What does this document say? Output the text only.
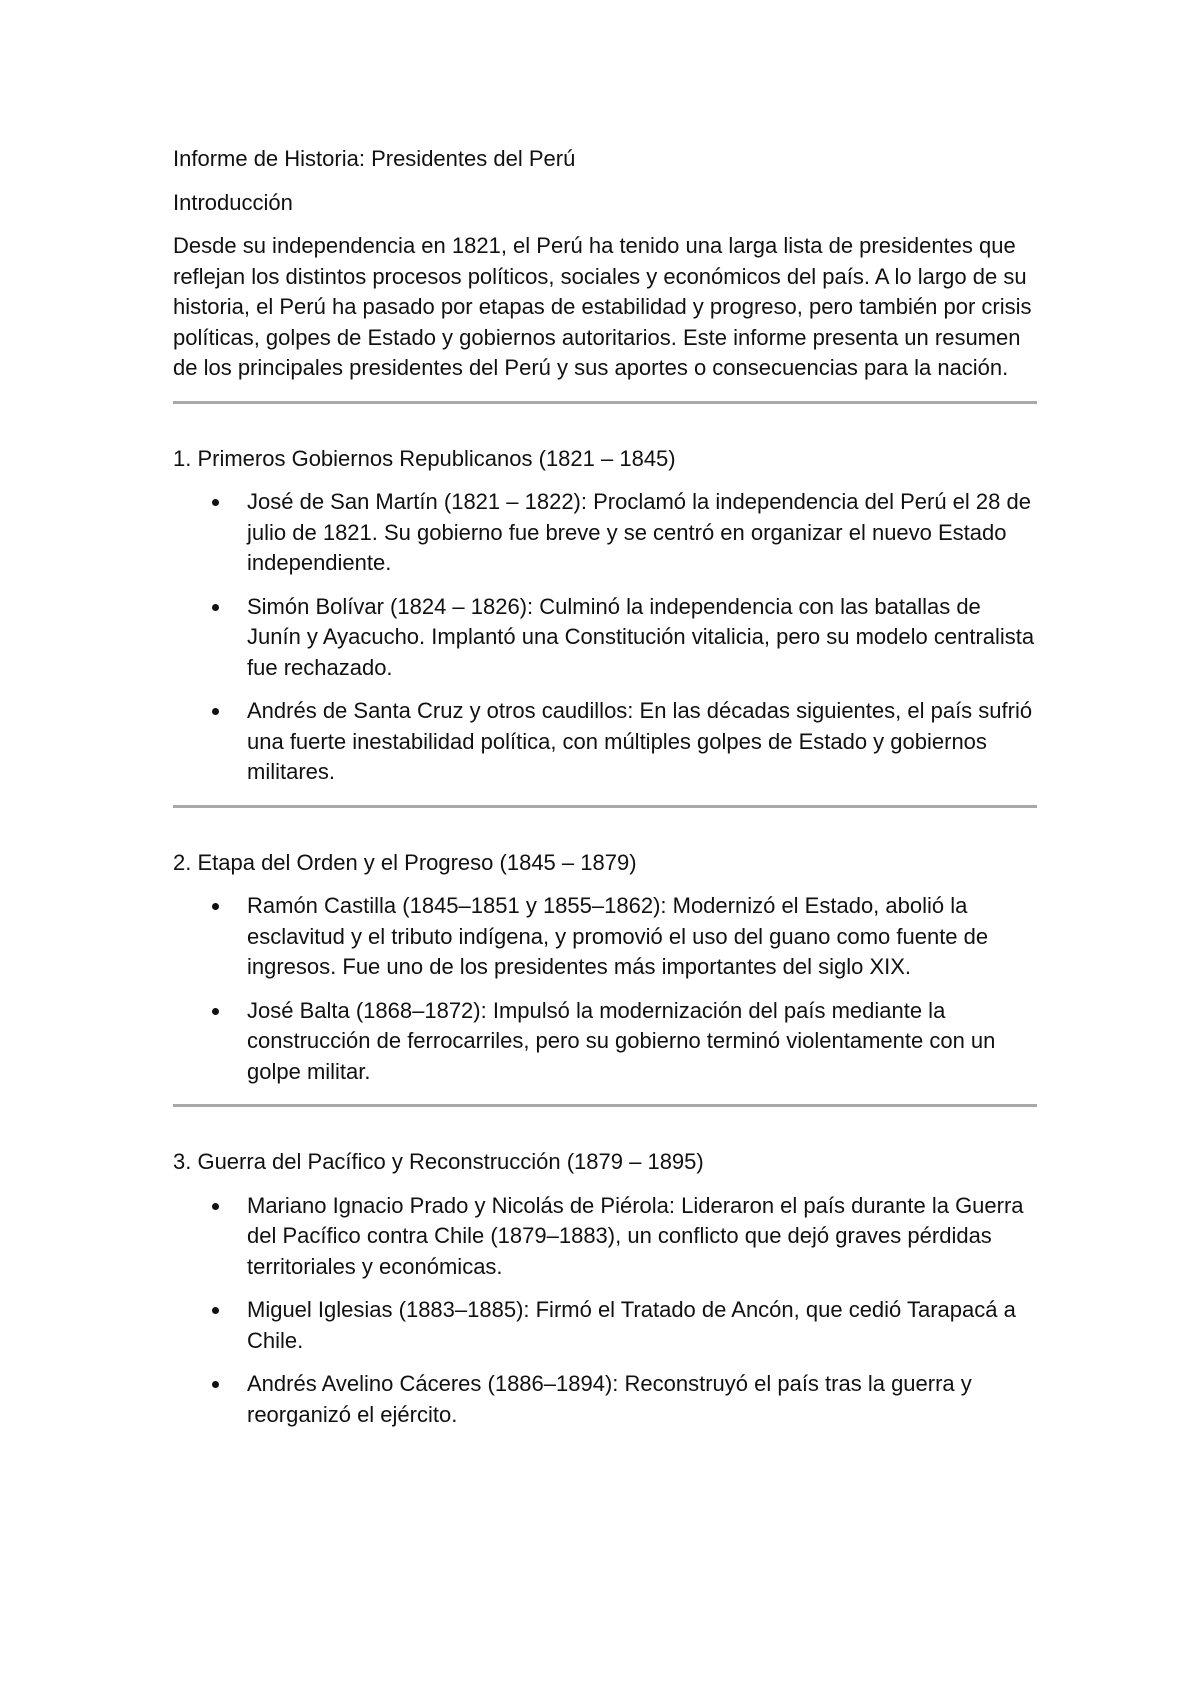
Informe de Historia: Presidentes del Perú

Introducción

Desde su independencia en 1821, el Perú ha tenido una larga lista de presidentes que reflejan los distintos procesos políticos, sociales y económicos del país. A lo largo de su historia, el Perú ha pasado por etapas de estabilidad y progreso, pero también por crisis políticas, golpes de Estado y gobiernos autoritarios. Este informe presenta un resumen de los principales presidentes del Perú y sus aportes o consecuencias para la nación.

1. Primeros Gobiernos Republicanos (1821 – 1845)

José de San Martín (1821 – 1822): Proclamó la independencia del Perú el 28 de julio de 1821. Su gobierno fue breve y se centró en organizar el nuevo Estado independiente.
Simón Bolívar (1824 – 1826): Culminó la independencia con las batallas de Junín y Ayacucho. Implantó una Constitución vitalicia, pero su modelo centralista fue rechazado.
Andrés de Santa Cruz y otros caudillos: En las décadas siguientes, el país sufrió una fuerte inestabilidad política, con múltiples golpes de Estado y gobiernos militares.

2. Etapa del Orden y el Progreso (1845 – 1879)

Ramón Castilla (1845–1851 y 1855–1862): Modernizó el Estado, abolió la esclavitud y el tributo indígena, y promovió el uso del guano como fuente de ingresos. Fue uno de los presidentes más importantes del siglo XIX.
José Balta (1868–1872): Impulsó la modernización del país mediante la construcción de ferrocarriles, pero su gobierno terminó violentamente con un golpe militar.

3. Guerra del Pacífico y Reconstrucción (1879 – 1895)

Mariano Ignacio Prado y Nicolás de Piérola: Lideraron el país durante la Guerra del Pacífico contra Chile (1879–1883), un conflicto que dejó graves pérdidas territoriales y económicas.
Miguel Iglesias (1883–1885): Firmó el Tratado de Ancón, que cedió Tarapacá a Chile.
Andrés Avelino Cáceres (1886–1894): Reconstruyó el país tras la guerra y reorganizó el ejército.
